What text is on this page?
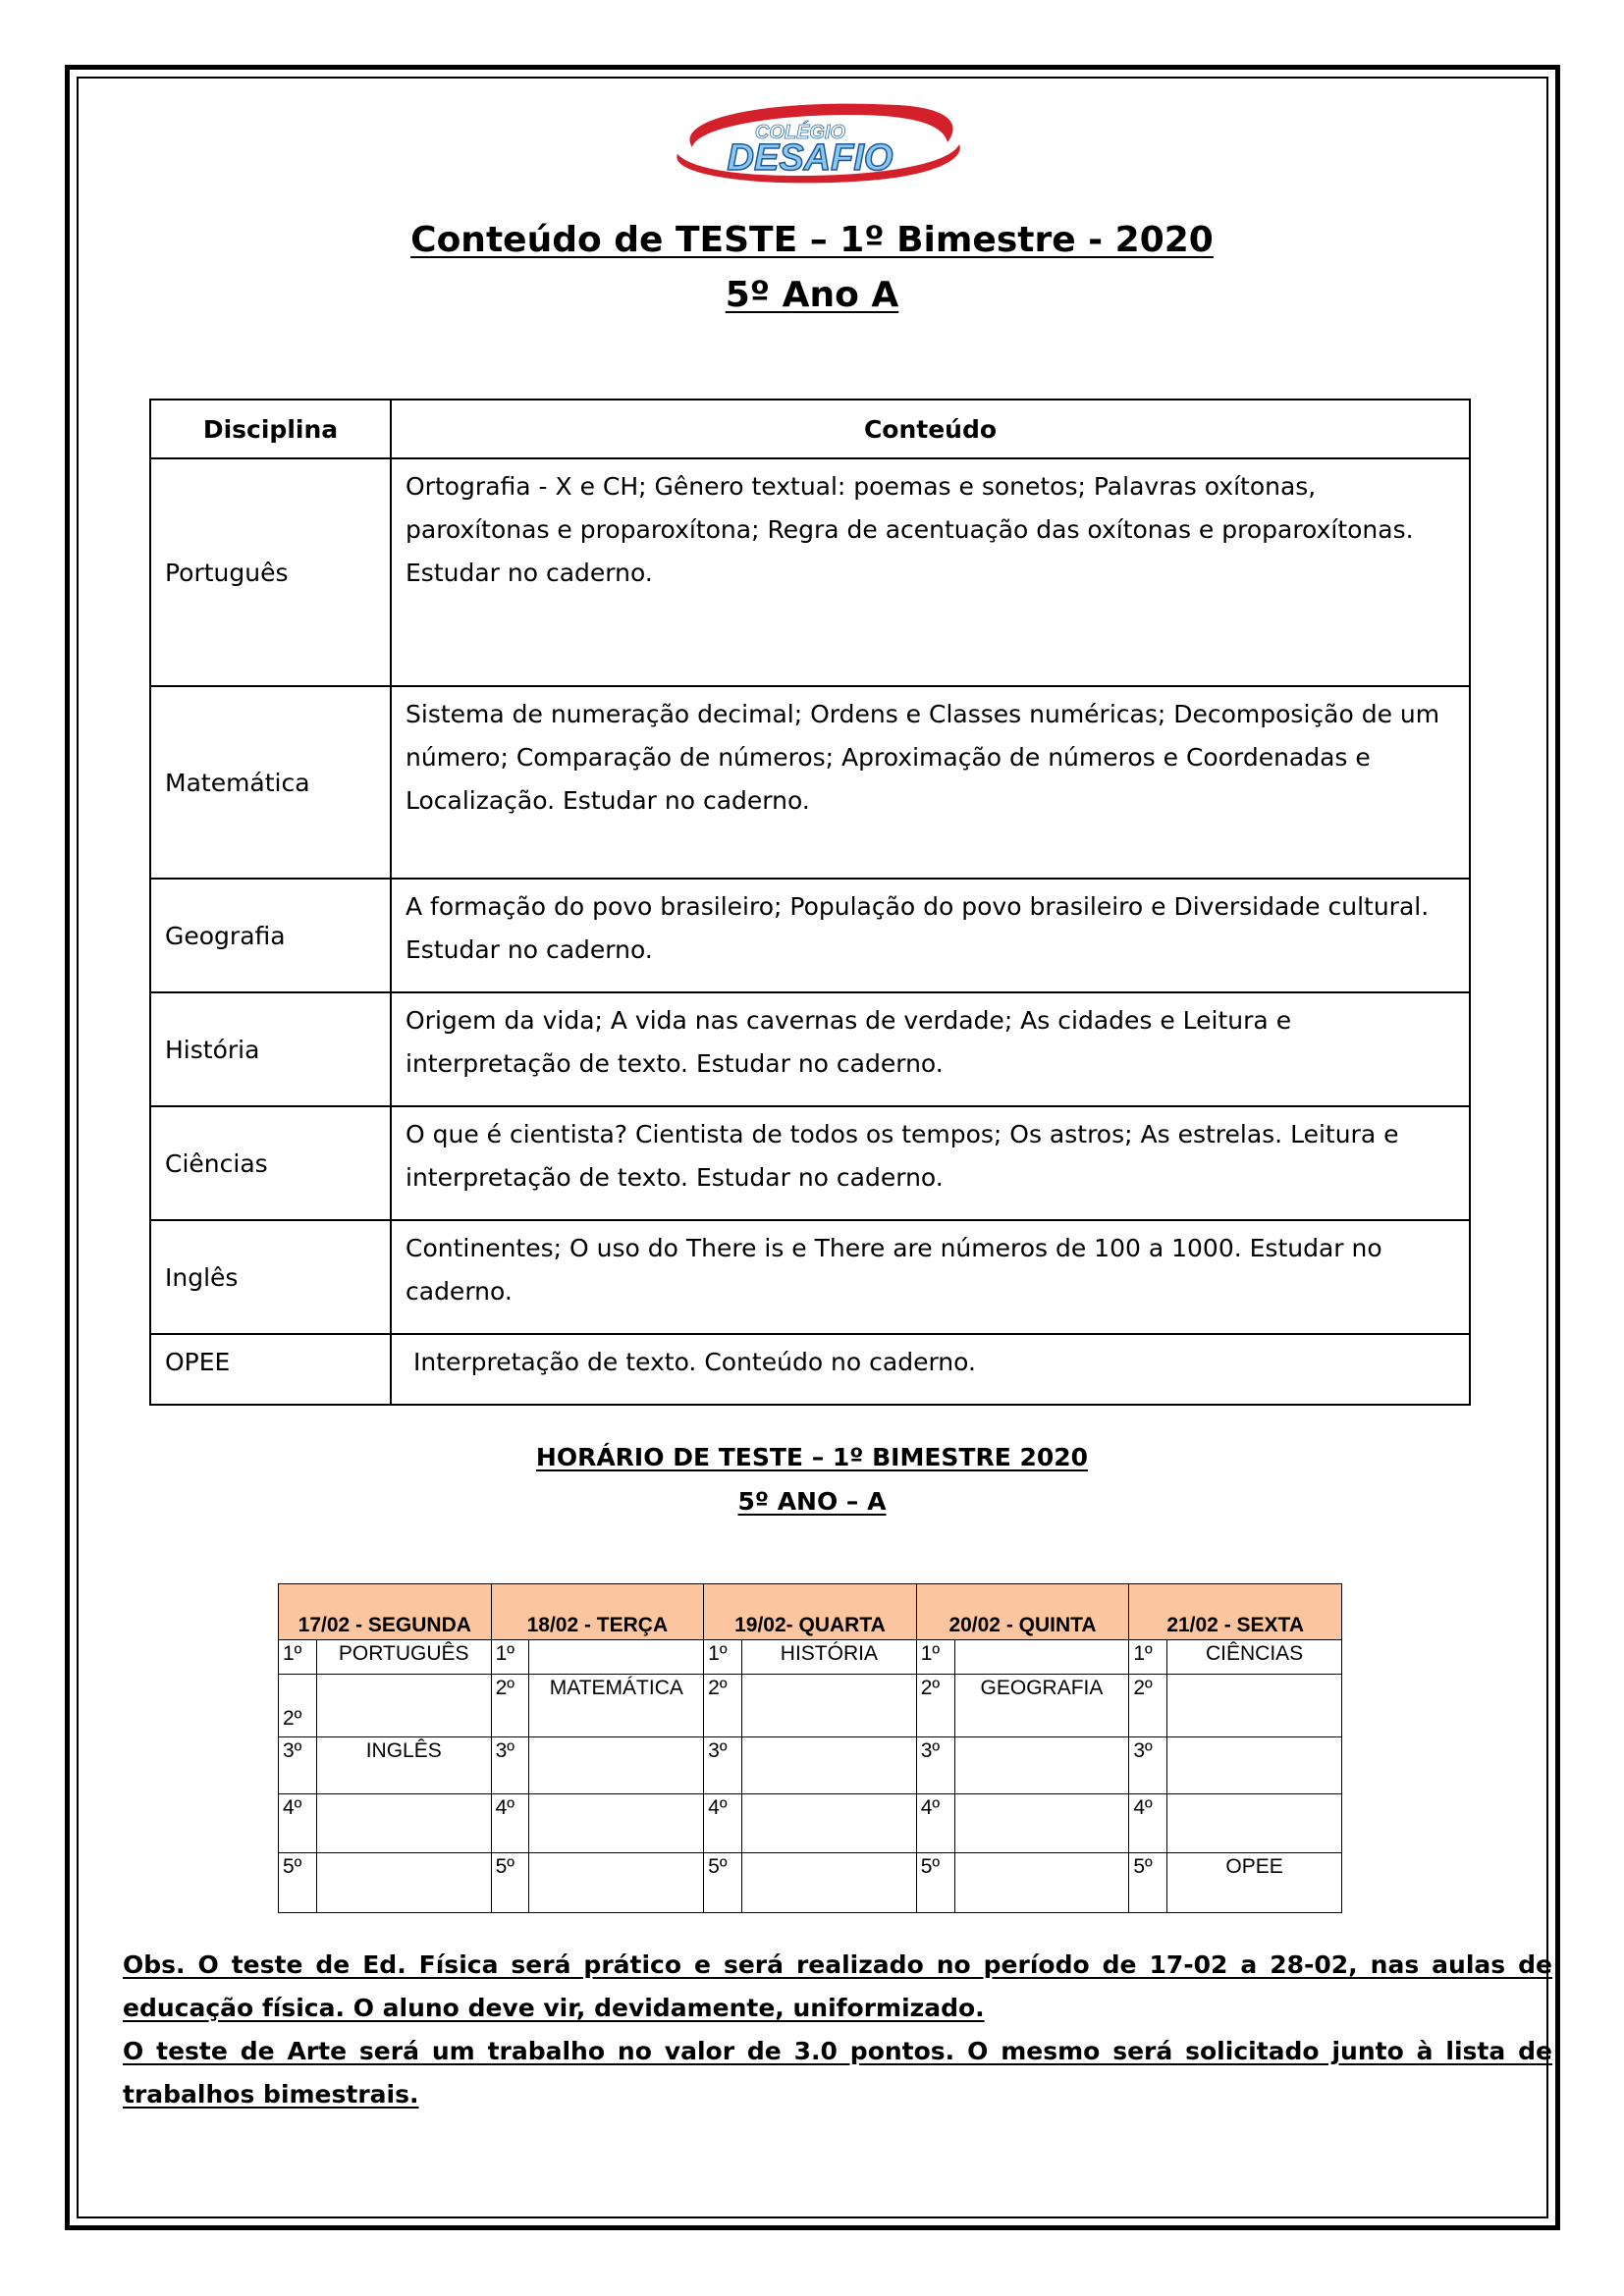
COLÉGIO
DESAFIO
Conteúdo de TESTE – 1º Bimestre - 2020
5º Ano A
Disciplina	Conteúdo
Português	Ortografia - X e CH; Gênero textual: poemas e sonetos; Palavras oxítonas, paroxítonas e proparoxítona; Regra de acentuação das oxítonas e proparoxítonas. Estudar no caderno.
Matemática	Sistema de numeração decimal; Ordens e Classes numéricas; Decomposição de um número; Comparação de números; Aproximação de números e Coordenadas e Localização. Estudar no caderno.
Geografia	A formação do povo brasileiro; População do povo brasileiro e Diversidade cultural. Estudar no caderno.
História	Origem da vida; A vida nas cavernas de verdade; As cidades e Leitura e interpretação de texto. Estudar no caderno.
Ciências	O que é cientista? Cientista de todos os tempos; Os astros; As estrelas. Leitura e interpretação de texto. Estudar no caderno.
Inglês	Continentes; O uso do There is e There are números de 100 a 1000. Estudar no caderno.
OPEE	Interpretação de texto. Conteúdo no caderno.
HORÁRIO DE TESTE – 1º BIMESTRE 2020
5º ANO – A
17/02 - SEGUNDA		18/02 - TERÇA		19/02- QUARTA		20/02 - QUINTA		21/02 - SEXTA	
1º	PORTUGUÊS	1º		1º	HISTÓRIA	1º		1º	CIÊNCIAS
2º		2º	MATEMÁTICA	2º		2º	GEOGRAFIA	2º	
3º	INGLÊS	3º		3º		3º		3º	
4º		4º		4º		4º		4º	
5º		5º		5º		5º		5º	OPEE

Obs. O teste de Ed. Física será prático e será realizado no período de 17-02 a 28-02, nas aulas de educação física. O aluno deve vir, devidamente, uniformizado.

O teste de Arte será um trabalho no valor de 3.0 pontos. O mesmo será solicitado junto à lista de trabalhos bimestrais.
